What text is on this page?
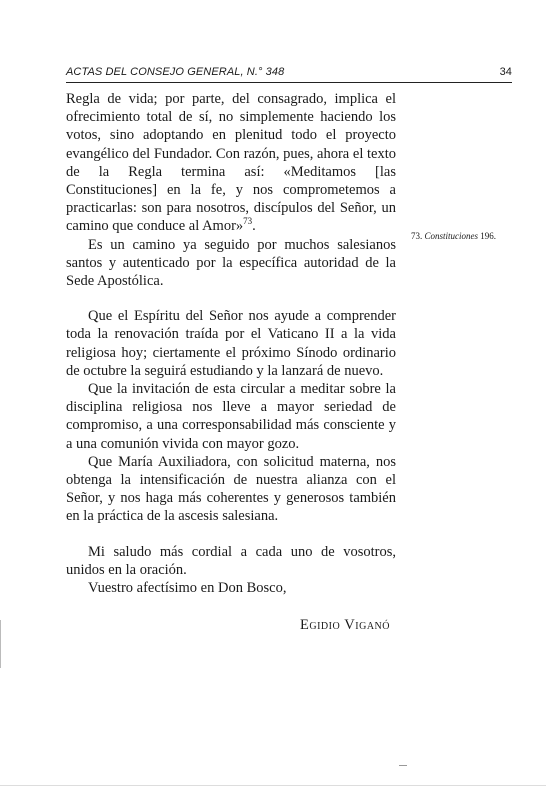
ACTAS DEL CONSEJO GENERAL, N.° 348	34

Regla de vida; por parte, del consagrado, implica el ofrecimiento total de sí, no simplemente haciendo los votos, sino adoptando en plenitud todo el proyecto evangélico del Fundador. Con razón, pues, ahora el texto de la Regla termina así: «Meditamos [las Constituciones] en la fe, y nos comprometemos a practicarlas: son para nosotros, discípulos del Señor, un camino que conduce al Amor»$^{73}$.

Es un camino ya seguido por muchos salesianos santos y autenticado por la específica autoridad de la Sede Apostólica.

Que el Espíritu del Señor nos ayude a comprender toda la renovación traída por el Vaticano II a la vida religiosa hoy; ciertamente el próximo Sínodo ordinario de octubre la seguirá estudiando y la lanzará de nuevo.

Que la invitación de esta circular a meditar sobre la disciplina religiosa nos lleve a mayor seriedad de compromiso, a una corresponsabilidad más consciente y a una comunión vivida con mayor gozo.

Que María Auxiliadora, con solicitud materna, nos obtenga la intensificación de nuestra alianza con el Señor, y nos haga más coherentes y generosos también en la práctica de la ascesis salesiana.

Mi saludo más cordial a cada uno de vosotros, unidos en la oración.

Vuestro afectísimo en Don Bosco,

Egidio Viganó
73. Constituciones 196.
